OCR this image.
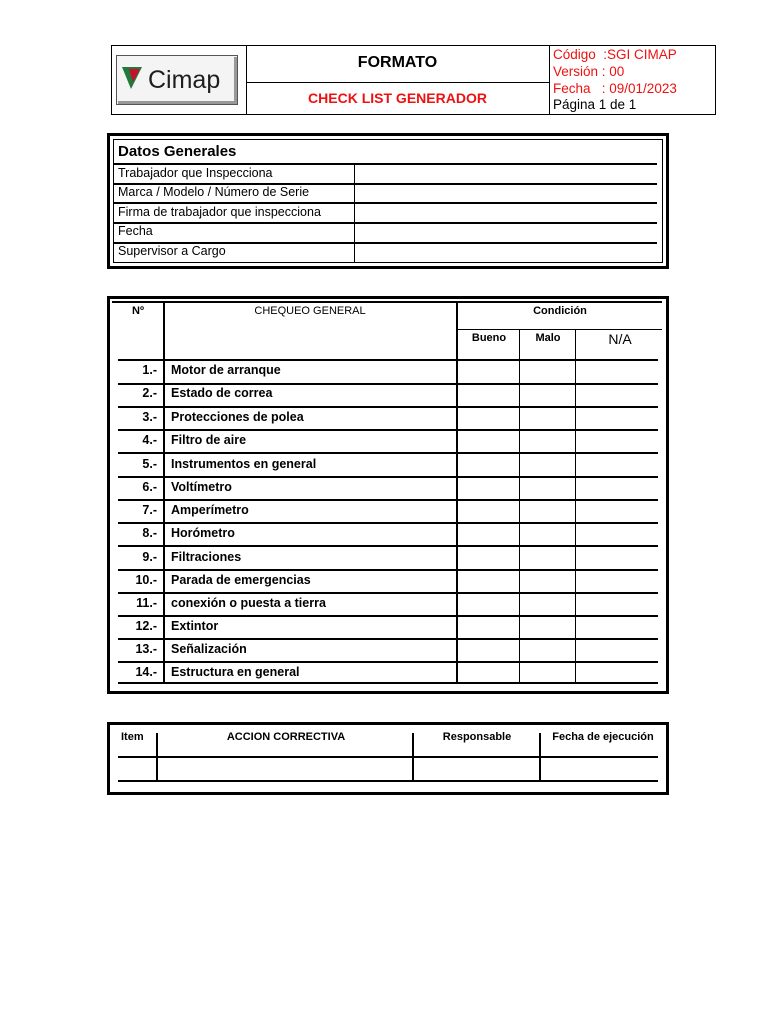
Cimap
FORMATO
CHECK LIST GENERADOR
Código  :SGI CIMAP
Versión : 00
Fecha   : 09/01/2023
Página 1 de 1
Datos Generales
Trabajador que Inspecciona
Marca / Modelo / Número de Serie
Firma de trabajador que inspecciona
Fecha
Supervisor a Cargo
Nº	CHEQUEO GENERAL	Condición
Bueno	Malo	N/A
1.- Motor de arranque
2.- Estado de correa
3.- Protecciones de polea
4.- Filtro de aire
5.- Instrumentos en general
6.- Voltímetro
7.- Amperímetro
8.- Horómetro
9.- Filtraciones
10.- Parada de emergencias
11.- conexión o puesta a tierra
12.- Extintor
13.- Señalización
14.- Estructura en general
Item	ACCION CORRECTIVA	Responsable	Fecha de ejecución
